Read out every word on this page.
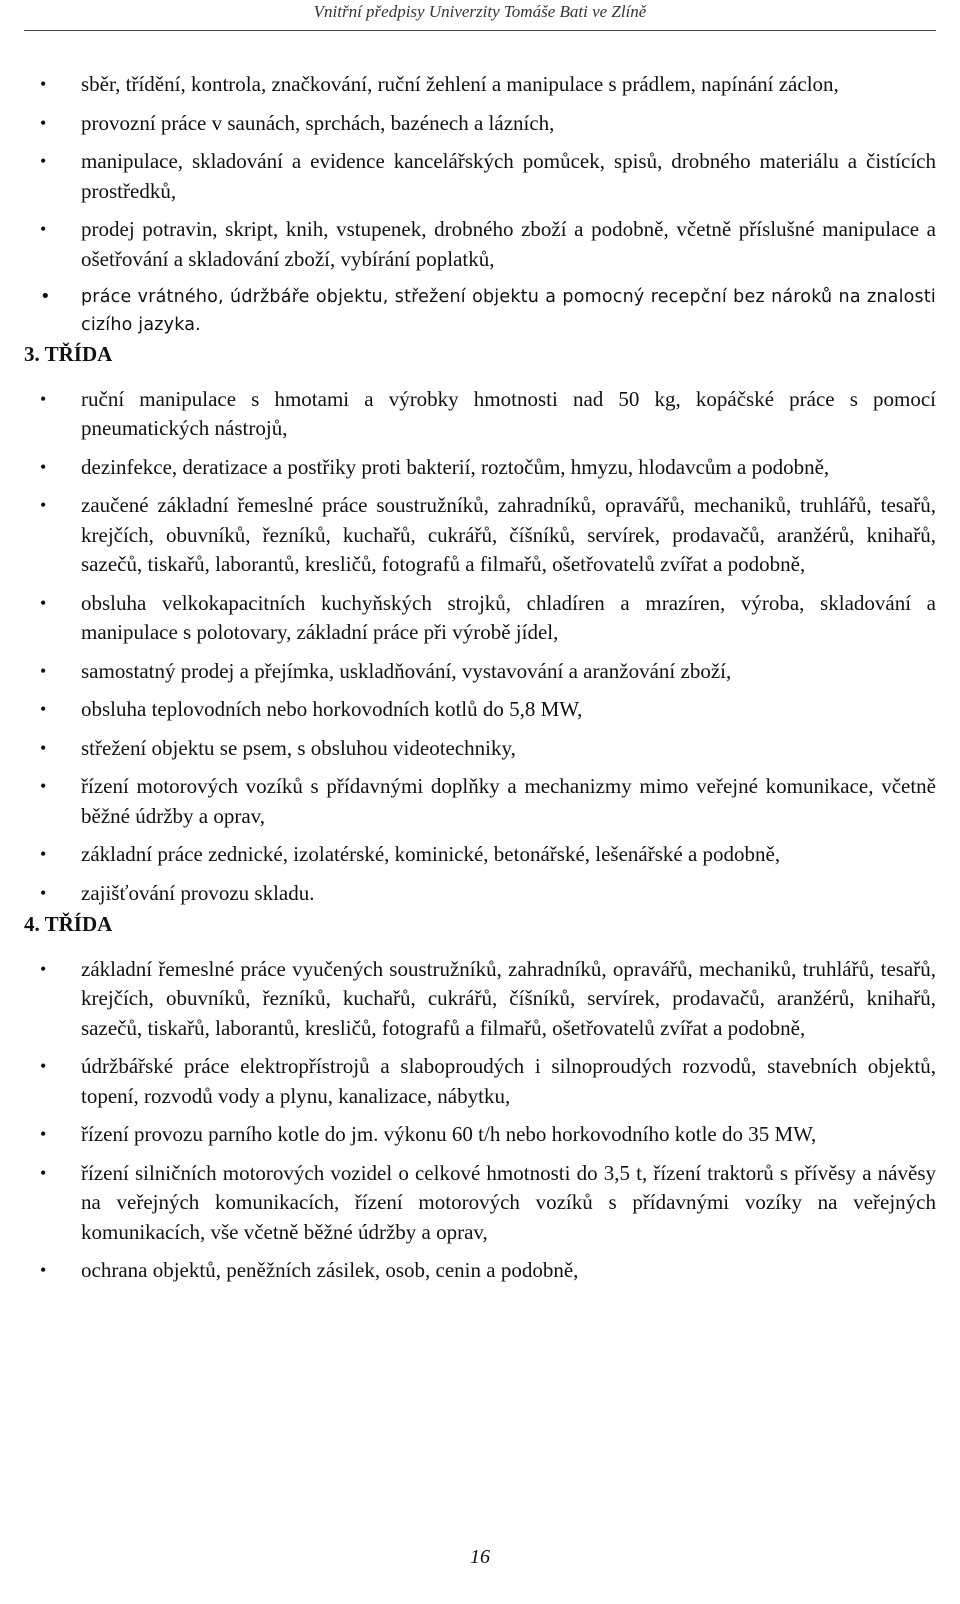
Vnitřní předpisy Univerzity Tomáše Bati ve Zlíně
• sběr, třídění, kontrola, značkování, ruční žehlení a manipulace s prádlem, napínání záclon,
• provozní práce v saunách, sprchách, bazénech a lázních,
• manipulace, skladování a evidence kancelářských pomůcek, spisů, drobného materiálu a čistících prostředků,
• prodej potravin, skript, knih, vstupenek, drobného zboží a podobně, včetně příslušné manipulace a ošetřování a skladování zboží, vybírání poplatků,
• práce vrátného, údržbáře objektu, střežení objektu a pomocný recepční bez nároků na znalosti cizího jazyka.
3. TŘÍDA
• ruční manipulace s hmotami a výrobky hmotnosti nad 50 kg, kopáčské práce s pomocí pneumatických nástrojů,
• dezinfekce, deratizace a postřiky proti bakterií, roztočům, hmyzu, hlodavcům a podobně,
• zaučené základní řemeslné práce soustružníků, zahradníků, opravářů, mechaniků, truhlářů, tesařů, krejčích, obuvníků, řezníků, kuchařů, cukrářů, číšníků, servírek, prodavačů, aranžérů, knihařů, sazečů, tiskařů, laborantů, kresličů, fotografů a filmařů, ošetřovatelů zvířat a podobně,
• obsluha velkokapacitních kuchyňských strojků, chladíren a mrazíren, výroba, skladování a manipulace s polotovary, základní práce při výrobě jídel,
• samostatný prodej a přejímka, uskladňování, vystavování a aranžování zboží,
• obsluha teplovodních nebo horkovodních kotlů do 5,8 MW,
• střežení objektu se psem, s obsluhou videotechniky,
• řízení motorových vozíků s přídavnými doplňky a mechanizmy mimo veřejné komunikace, včetně běžné údržby a oprav,
• základní práce zednické, izolatérské, kominické, betonářské, lešenářské a podobně,
• zajišťování provozu skladu.
4. TŘÍDA
• základní řemeslné práce vyučených soustružníků, zahradníků, opravářů, mechaniků, truhlářů, tesařů, krejčích, obuvníků, řezníků, kuchařů, cukrářů, číšníků, servírek, prodavačů, aranžérů, knihařů, sazečů, tiskařů, laborantů, kresličů, fotografů a filmařů, ošetřovatelů zvířat a podobně,
• údržbářské práce elektropřístrojů a slaboproudých i silnoproudých rozvodů, stavebních objektů, topení, rozvodů vody a plynu, kanalizace, nábytku,
• řízení provozu parního kotle do jm. výkonu 60 t/h nebo horkovodního kotle do 35 MW,
• řízení silničních motorových vozidel o celkové hmotnosti do 3,5 t, řízení traktorů s přívěsy a návěsy na veřejných komunikacích, řízení motorových vozíků s přídavnými vozíky na veřejných komunikacích, vše včetně běžné údržby a oprav,
• ochrana objektů, peněžních zásilek, osob, cenin a podobně,
16
